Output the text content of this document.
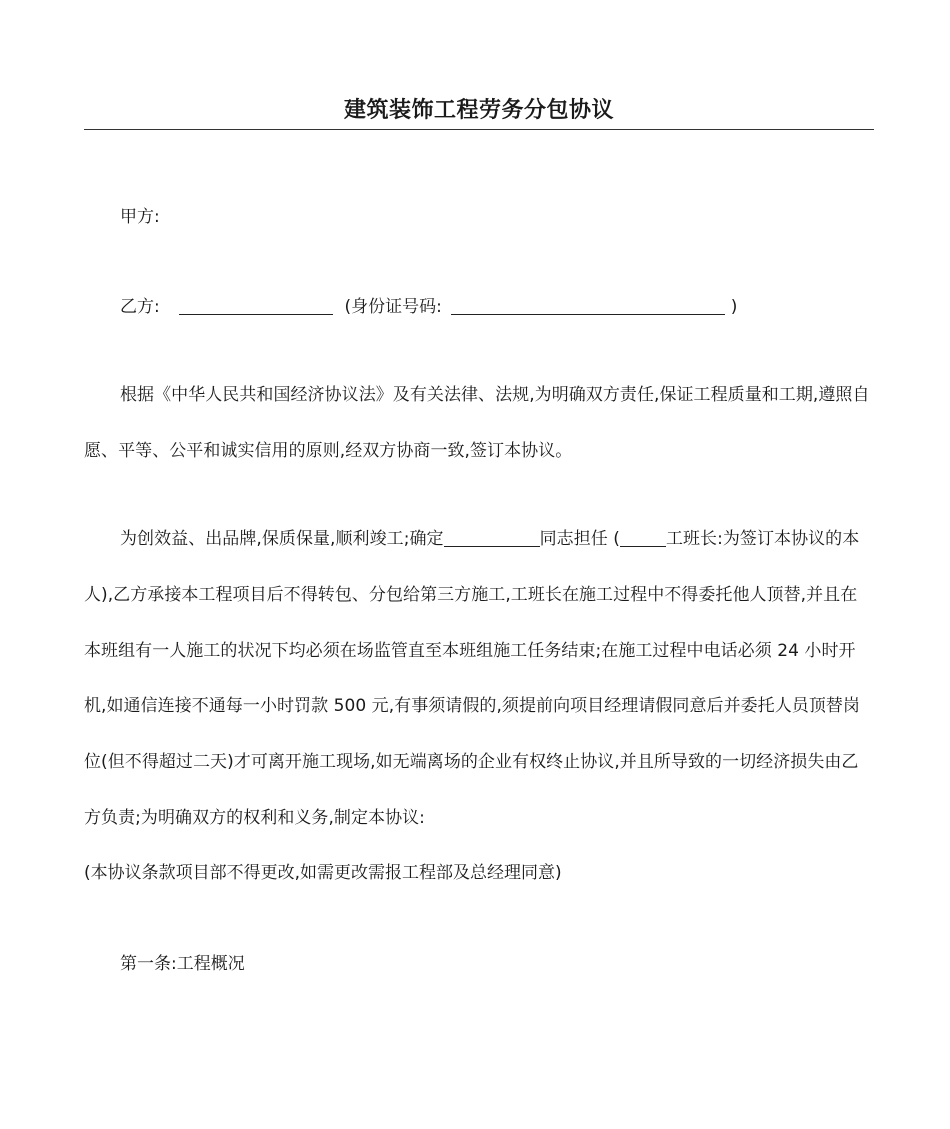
建筑装饰工程劳务分包协议
甲方:
乙方:	(身份证号码:	)

根据《中华人民共和国经济协议法》及有关法律、法规,为明确双方责任,保证工程质量和工期,遵照自愿、平等、公平和诚实信用的原则,经双方协商一致,签订本协议。

为创效益、出品牌,保质保量,顺利竣工;确定	同志担任 (	工班长:为签订本协议的本人),乙方承接本工程项目后不得转包、分包给第三方施工,工班长在施工过程中不得委托他人顶替,并且在本班组有一人施工的状况下均必须在场监管直至本班组施工任务结束;在施工过程中电话必须 24 小时开机,如通信连接不通每一小时罚款 500 元,有事须请假的,须提前向项目经理请假同意后并委托人员顶替岗位(但不得超过二天)才可离开施工现场,如无端离场的企业有权终止协议,并且所导致的一切经济损失由乙方负责;为明确双方的权利和义务,制定本协议:

(本协议条款项目部不得更改,如需更改需报工程部及总经理同意)
第一条:工程概况
